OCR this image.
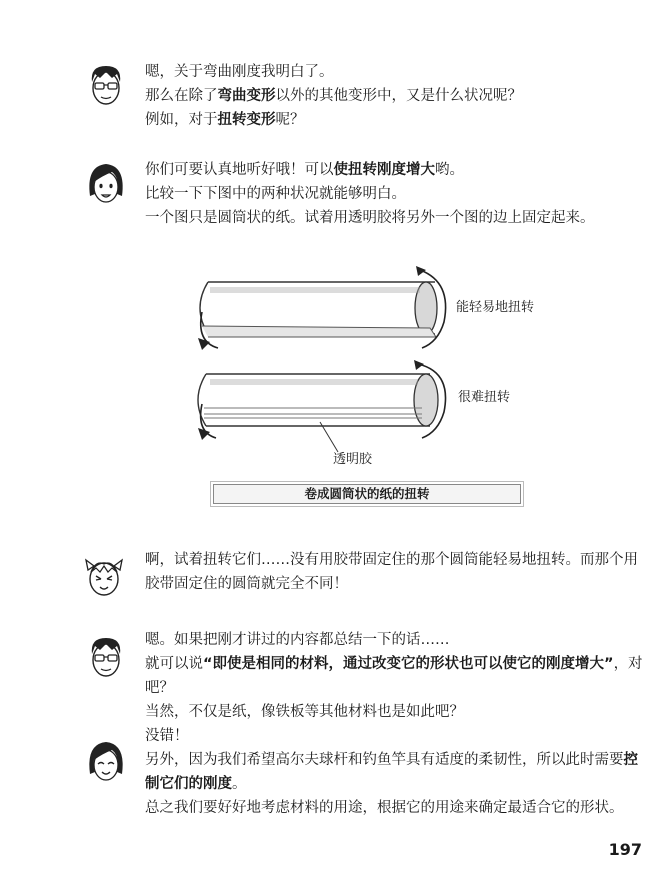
嗯，关于弯曲刚度我明白了。

那么在除了弯曲变形以外的其他变形中，又是什么状况呢？

例如，对于扭转变形呢？

你们可要认真地听好哦！可以使扭转刚度增大哟。

比较一下下图中的两种状况就能够明白。

一个图只是圆筒状的纸。试着用透明胶将另外一个图的边上固定起来。

啊，试着扭转它们……没有用胶带固定住的那个圆筒能轻易地扭转。而那个用

胶带固定住的圆筒就完全不同！

嗯。如果把刚才讲过的内容都总结一下的话……

就可以说“即使是相同的材料，通过改变它的形状也可以使它的刚度增大”，对吧？

当然，不仅是纸，像铁板等其他材料也是如此吧？

没错！

另外，因为我们希望高尔夫球杆和钓鱼竿具有适度的柔韧性，所以此时需要控

制它们的刚度。

总之我们要好好地考虑材料的用途，根据它的用途来确定最适合它的形状。

能轻易地扭转
很难扭转
透明胶
卷成圆筒状的纸的扭转
197
